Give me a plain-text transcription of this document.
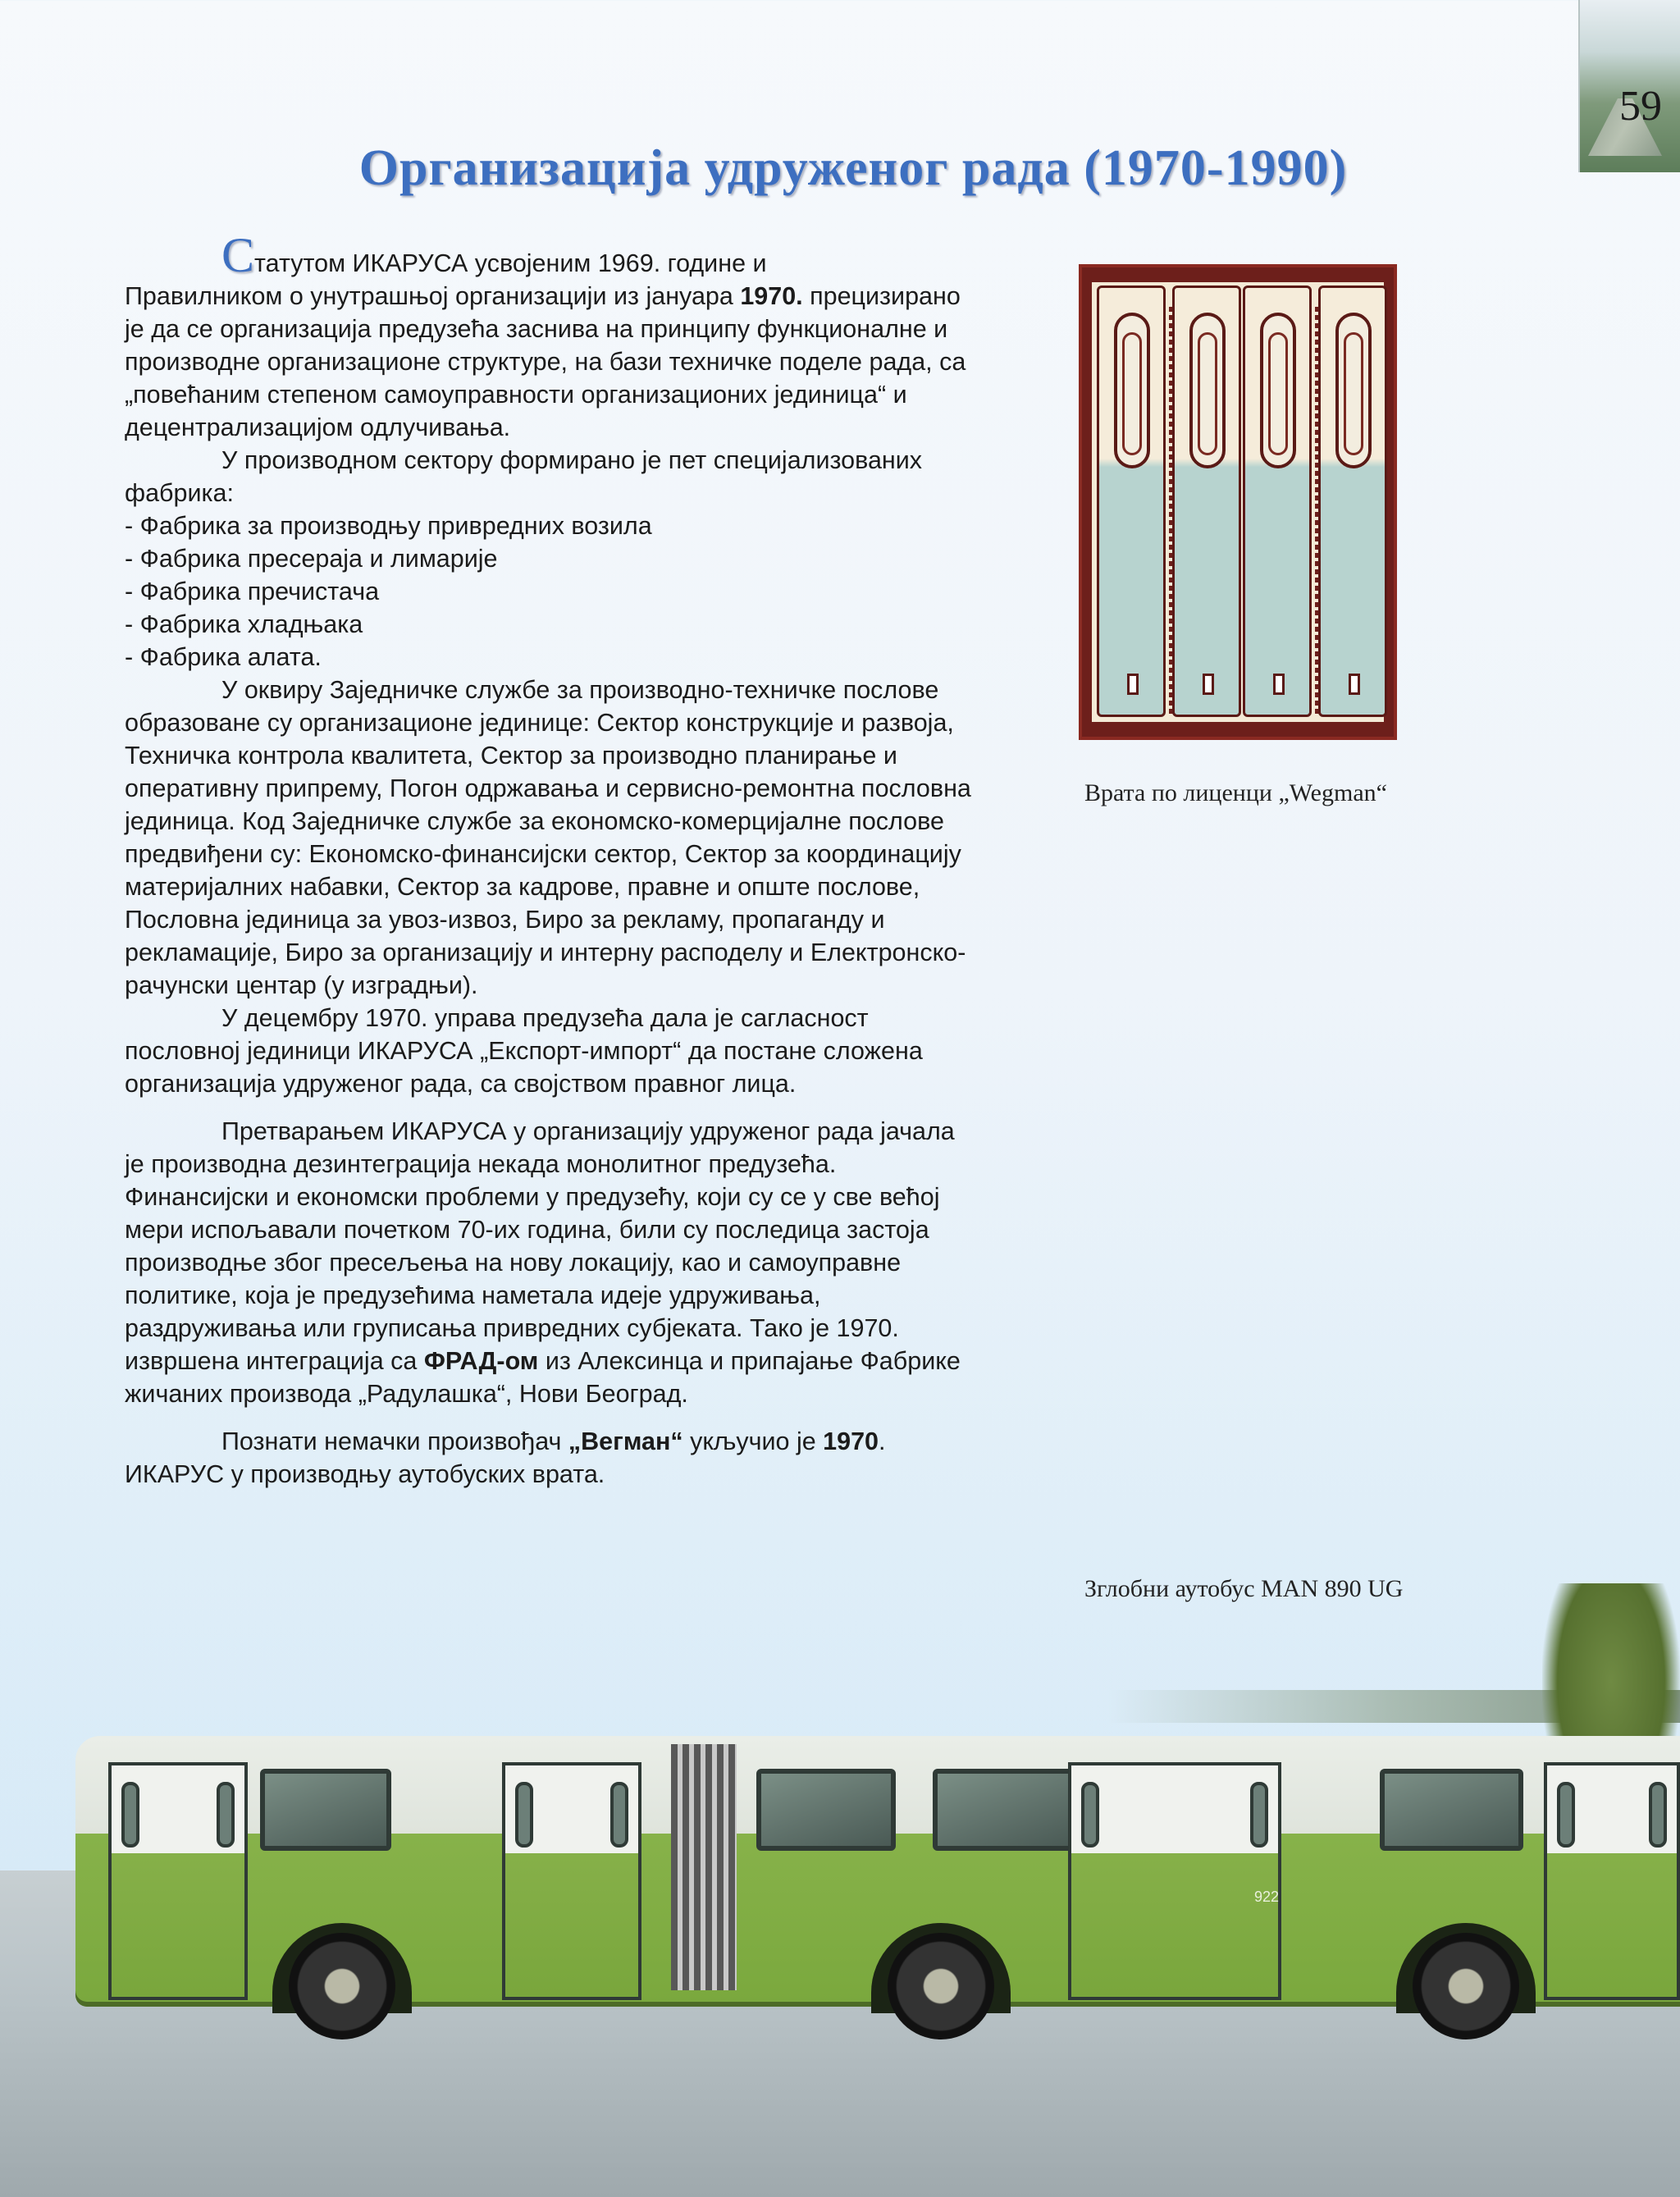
59
Организација удруженог рада (1970-1990)

Статутом ИКАРУСА усвојеним 1969. године и
Правилником о унутрашњој организацији из јануара 1970. прецизирано је да се организација предузећа заснива на принципу функционалне и производне организационе структуре, на бази техничке поделе рада, са „повећаним степеном самоуправности организационих јединица“ и децентрализацијом одлучивања.

У производном сектору формирано је пет специјализованих фабрика:

- Фабрика за производњу привредних возила

- Фабрика пресераја и лимарије

- Фабрика пречистача

- Фабрика хладњака

- Фабрика алата.

У оквиру Заједничке службе за производно-техничке послове образоване су организационе јединице: Сектор конструкције и развоја, Техничка контрола квалитета, Сектор за производно планирање и оперативну припрему, Погон одржавања и сервисно-ремонтна пословна јединица. Код Заједничке службе за економско-комерцијалне послове предвиђени су: Економско-финансијски сектор, Сектор за координацију материјалних набавки, Сектор за кадрове, правне и опште послове, Пословна јединица за увоз-извоз, Биро за рекламу, пропаганду и рекламације, Биро за организацију и интерну расподелу и Електронско-рачунски центар (у изградњи).

У децембру 1970. управа предузећа дала је сагласност пословној јединици ИКАРУСА „Експорт-импорт“ да постане сложена организација удруженог рада, са својством правног лица.

Претварањем ИКАРУСА у организацију удруженог рада јачала је производна дезинтеграција некада монолитног предузећа. Финансијски и економски проблеми у предузећу, који су се у све већој мери испољавали почетком 70-их година, били су последица застоја производње због пресељења на нову локацију, као и самоуправне политике, која је предузећима наметала идеје удруживања, раздруживања или груписања привредних субјеката. Тако је 1970. извршена интеграција са ФРАД-ом из Алексинца и припајање Фабрике жичаних производа „Радулашка“, Нови Београд.

Познати немачки произвођач „Вегман“ укључио је 1970. ИКАРУС у производњу аутобуских врата.

Врата по лиценци „Wegman“
Зглобни аутобус MAN 890 UG
922
